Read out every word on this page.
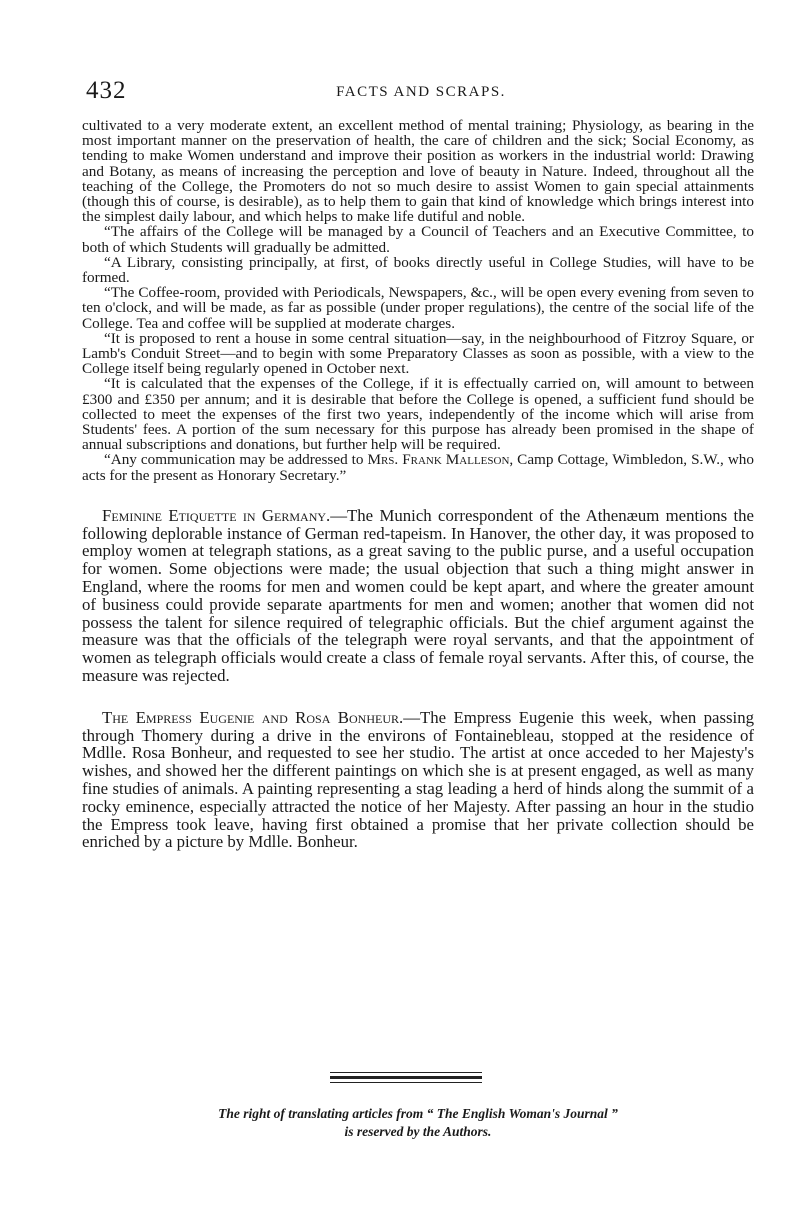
432	FACTS AND SCRAPS.

cultivated to a very moderate extent, an excellent method of mental training; Physiology, as bearing in the most important manner on the preservation of health, the care of children and the sick; Social Economy, as tending to make Women understand and improve their position as workers in the industrial world: Drawing and Botany, as means of increasing the perception and love of beauty in Nature. Indeed, throughout all the teaching of the College, the Promoters do not so much desire to assist Women to gain special attainments (though this of course, is desirable), as to help them to gain that kind of knowledge which brings interest into the simplest daily labour, and which helps to make life dutiful and noble.

“The affairs of the College will be managed by a Council of Teachers and an Executive Committee, to both of which Students will gradually be admitted.

“A Library, consisting principally, at first, of books directly useful in College Studies, will have to be formed.

“The Coffee-room, provided with Periodicals, Newspapers, &c., will be open every evening from seven to ten o'clock, and will be made, as far as possible (under proper regulations), the centre of the social life of the College. Tea and coffee will be supplied at moderate charges.

“It is proposed to rent a house in some central situation—say, in the neighbourhood of Fitzroy Square, or Lamb's Conduit Street—and to begin with some Preparatory Classes as soon as possible, with a view to the College itself being regularly opened in October next.

“It is calculated that the expenses of the College, if it is effectually carried on, will amount to between £300 and £350 per annum; and it is desirable that before the College is opened, a sufficient fund should be collected to meet the expenses of the first two years, independently of the income which will arise from Students' fees. A portion of the sum necessary for this purpose has already been promised in the shape of annual subscriptions and donations, but further help will be required.

“Any communication may be addressed to Mrs. Frank Malleson, Camp Cottage, Wimbledon, S.W., who acts for the present as Honorary Secretary.”

Feminine Etiquette in Germany.—The Munich correspondent of the Athenæum mentions the following deplorable instance of German red-tapeism. In Hanover, the other day, it was proposed to employ women at telegraph stations, as a great saving to the public purse, and a useful occupation for women. Some objections were made; the usual objection that such a thing might answer in England, where the rooms for men and women could be kept apart, and where the greater amount of business could provide separate apartments for men and women; another that women did not possess the talent for silence required of telegraphic officials. But the chief argument against the measure was that the officials of the telegraph were royal servants, and that the appointment of women as telegraph officials would create a class of female royal servants. After this, of course, the measure was rejected.

The Empress Eugenie and Rosa Bonheur.—The Empress Eugenie this week, when passing through Thomery during a drive in the environs of Fontainebleau, stopped at the residence of Mdlle. Rosa Bonheur, and requested to see her studio. The artist at once acceded to her Majesty's wishes, and showed her the different paintings on which she is at present engaged, as well as many fine studies of animals. A painting representing a stag leading a herd of hinds along the summit of a rocky eminence, especially attracted the notice of her Majesty. After passing an hour in the studio the Empress took leave, having first obtained a promise that her private collection should be enriched by a picture by Mdlle. Bonheur.

The right of translating articles from “ The English Woman's Journal ”
is reserved by the Authors.
